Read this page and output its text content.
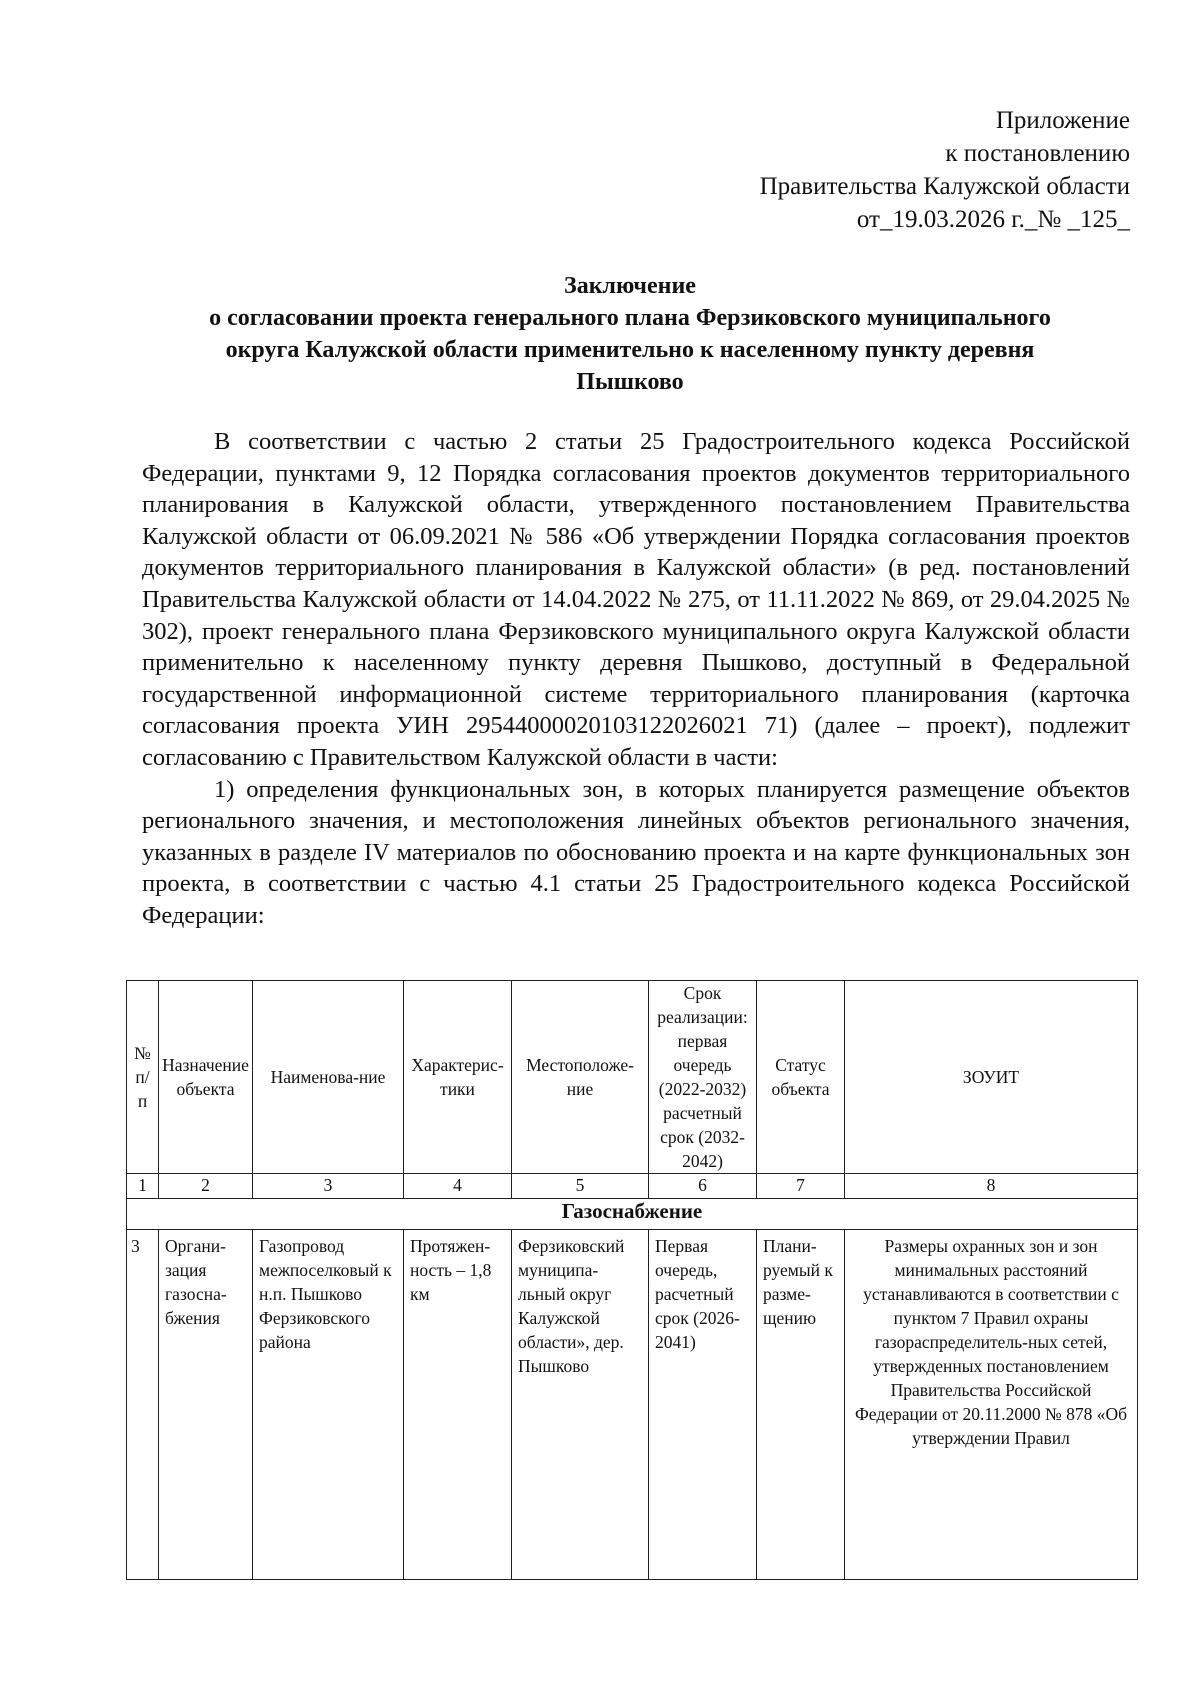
Приложение
к постановлению
Правительства Калужской области
от_19.03.2026 г._№ _125_
Заключение
о согласовании проекта генерального плана Ферзиковского муниципального
округа Калужской области применительно к населенному пункту деревня
Пышково

В соответствии с частью 2 статьи 25 Градостроительного кодекса Российской Федерации, пунктами 9, 12 Порядка согласования проектов документов территориального планирования в Калужской области, утвержденного постановлением Правительства Калужской области от 06.09.2021 № 586 «Об утверждении Порядка согласования проектов документов территориального планирования в Калужской области» (в ред. постановлений Правительства Калужской области от 14.04.2022 № 275, от 11.11.2022 № 869, от 29.04.2025 № 302), проект генерального плана Ферзиковского муниципального округа Калужской области применительно к населенному пункту деревня Пышково, доступный в Федеральной государственной информационной системе территориального планирования (карточка согласования проекта УИН 29544000020103122026021 71) (далее – проект), подлежит согласованию с Правительством Калужской области в части:

1) определения функциональных зон, в которых планируется размещение объектов регионального значения, и местоположения линейных объектов регионального значения, указанных в разделе IV материалов по обоснованию проекта и на карте функциональных зон проекта, в соответствии с частью 4.1 статьи 25 Градостроительного кодекса Российской Федерации:

№ п/ п	Назначение объекта	Наименова-ние	Характерис-тики	Местоположе-ние	Срок реализации: первая очередь (2022-2032) расчетный срок (2032-2042)	Статус объекта	ЗОУИТ
1	2	3	4	5	6	7	8
Газоснабжение							
3	Органи-зация газосна-бжения	Газопровод межпоселковый к н.п. Пышково Ферзиковского района	Протяжен-ность – 1,8 км	Ферзиковский муниципа-льный округ Калужской области», дер. Пышково	Первая очередь, расчетный срок (2026-2041)	Плани-руемый к разме-щению	Размеры охранных зон и зон минимальных расстояний устанавливаются в соответствии с пунктом 7 Правил охраны газораспределитель-ных сетей, утвержденных постановлением Правительства Российской Федерации от 20.11.2000 № 878 «Об утверждении Правил
